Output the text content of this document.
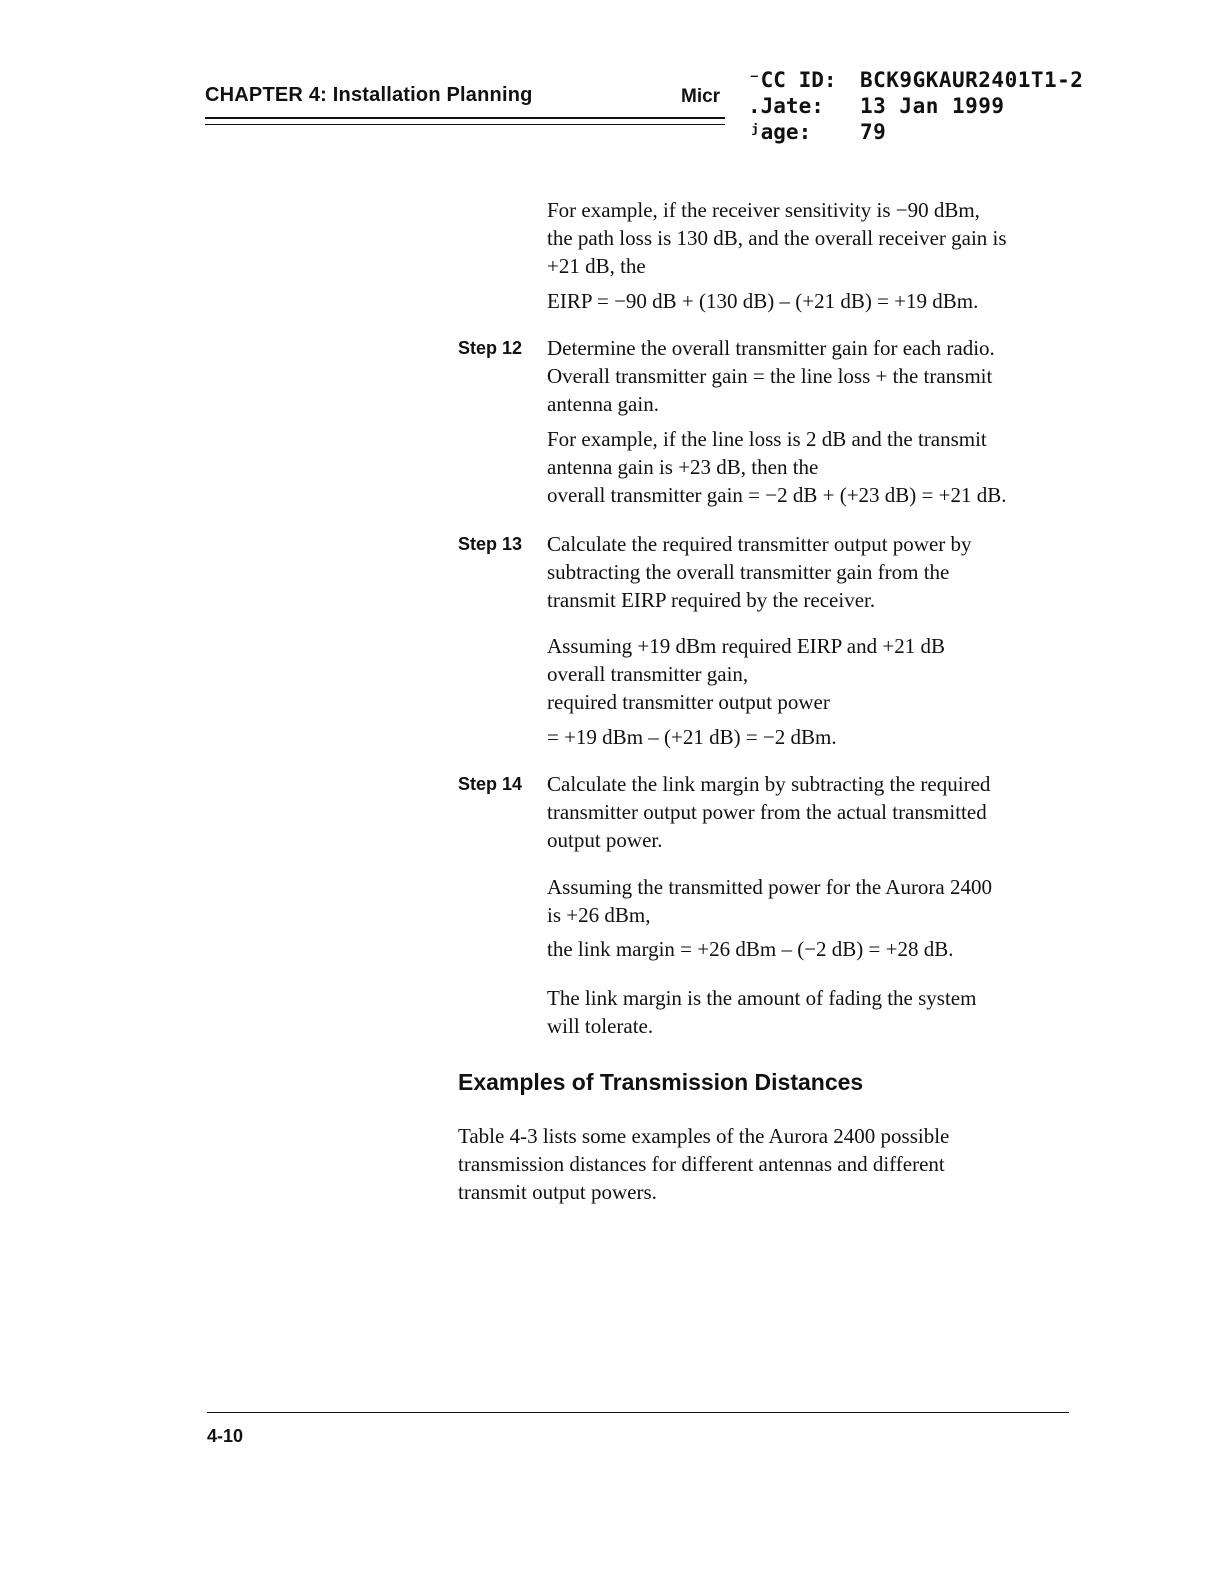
CHAPTER 4: Installation Planning	Micr
⁻CC ID: BCK9GKAUR2401T1-2
.Jate: 13 Jan 1999
ʲage: 79
For example, if the receiver sensitivity is −90 dBm,
the path loss is 130 dB, and the overall receiver gain is
+21 dB, the
EIRP = −90 dB + (130 dB) – (+21 dB) = +19 dBm.
Step 12 Determine the overall transmitter gain for each radio.
Overall transmitter gain = the line loss + the transmit
antenna gain.
For example, if the line loss is 2 dB and the transmit
antenna gain is +23 dB, then the
overall transmitter gain = −2 dB + (+23 dB) = +21 dB.
Step 13 Calculate the required transmitter output power by
subtracting the overall transmitter gain from the
transmit EIRP required by the receiver.
Assuming +19 dBm required EIRP and +21 dB
overall transmitter gain,
required transmitter output power
= +19 dBm – (+21 dB) = −2 dBm.
Step 14 Calculate the link margin by subtracting the required
transmitter output power from the actual transmitted
output power.
Assuming the transmitted power for the Aurora 2400
is +26 dBm,
the link margin = +26 dBm – (−2 dB) = +28 dB.
The link margin is the amount of fading the system
will tolerate.
Examples of Transmission Distances
Table 4-3 lists some examples of the Aurora 2400 possible
transmission distances for different antennas and different
transmit output powers.
4-10
